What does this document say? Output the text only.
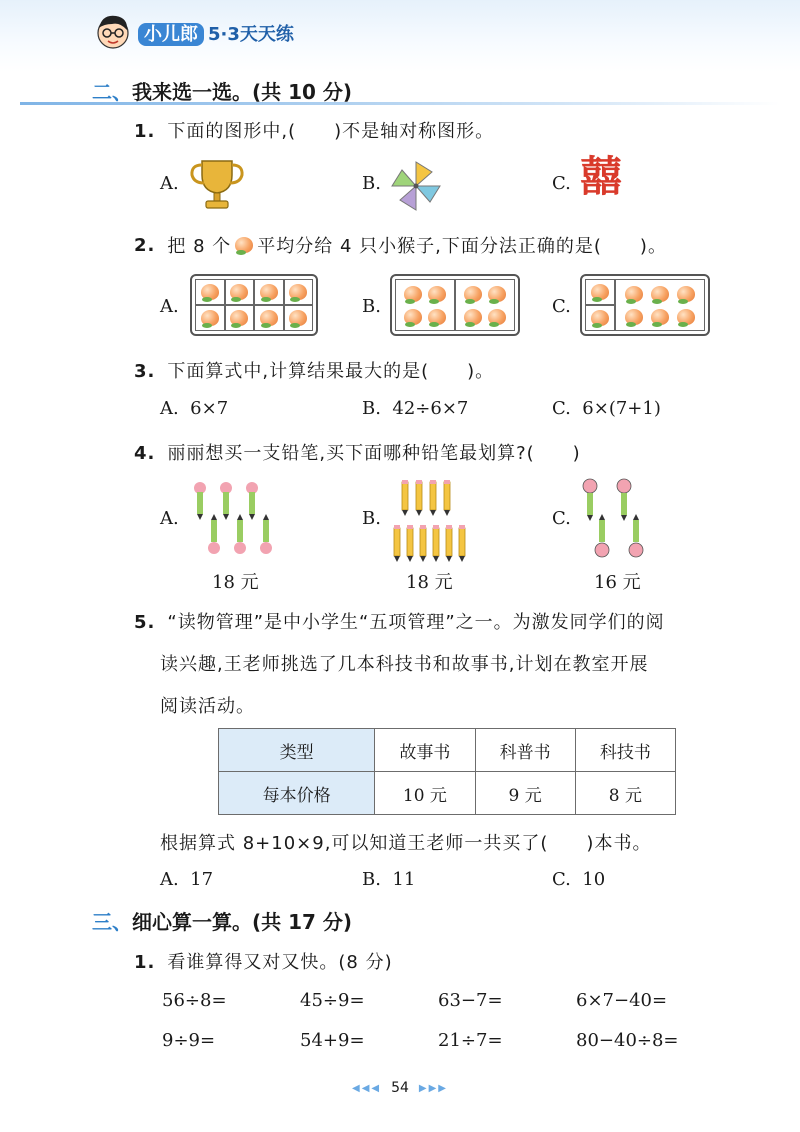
小儿郎 5·3天天练
二、我来选一选。(共 10 分)
1. 下面的图形中,(　　)不是轴对称图形。
A.	B.	C. 囍
2. 把 8 个 平均分给 4 只小猴子,下面分法正确的是(　　)。
A.	B.	C.
3. 下面算式中,计算结果最大的是(　　)。
A.  6×7	B.  42÷6×7	C.  6×(7+1)
4. 丽丽想买一支铅笔,买下面哪种铅笔最划算?(　　)
A.
18 元
B.
18 元
C.
16 元
5. “读物管理”是中小学生“五项管理”之一。为激发同学们的阅
读兴趣,王老师挑选了几本科技书和故事书,计划在教室开展
阅读活动。
类型	故事书	科普书	科技书
每本价格	10 元	9 元	8 元
根据算式 8+10×9,可以知道王老师一共买了(　　)本书。
A.  17	B.  11	C.  10
三、细心算一算。(共 17 分)
1. 看谁算得又对又快。(8 分)
56÷8=	45÷9=	63−7=	6×7−40=
9÷9=	54+9=	21÷7=	80−40÷8=
◀◀◀ 54 ▶▶▶
